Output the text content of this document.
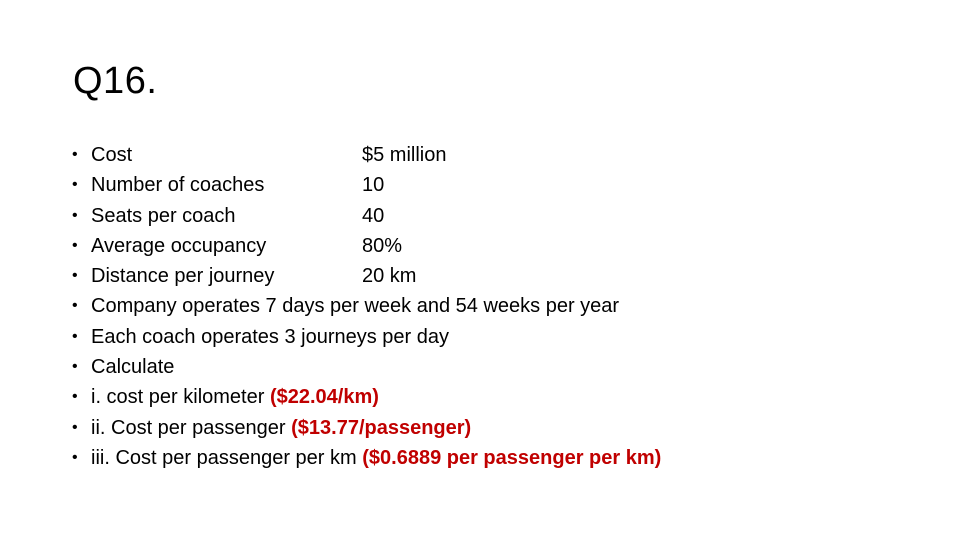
Q16.
• Cost	$5 million
• Number of coaches	10
• Seats per coach	40
• Average occupancy	80%
• Distance per journey	20 km
• Company operates 7 days per week and 54 weeks per year
• Each coach operates 3 journeys per day
• Calculate
• i. cost per kilometer ($22.04/km)
• ii. Cost per passenger ($13.77/passenger)
• iii. Cost per passenger per km ($0.6889 per passenger per km)
